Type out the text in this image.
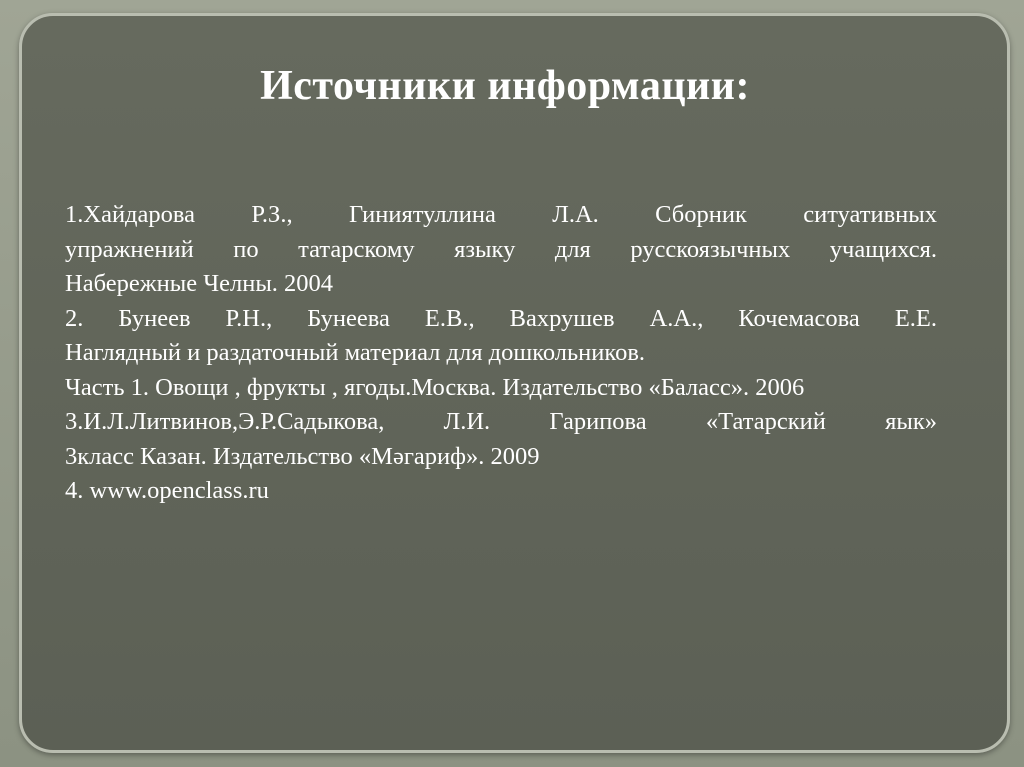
Источники информации:
1.Хайдарова Р.З., Гиниятуллина Л.А. Сборник ситуативных
упражнений по татарскому языку для русскоязычных учащихся.
Набережные Челны. 2004
2. Бунеев Р.Н., Бунеева Е.В., Вахрушев А.А., Кочемасова Е.Е.
Наглядный и раздаточный материал для дошкольников.
Часть 1. Овощи , фрукты , ягоды.Москва. Издательство «Баласс». 2006
3.И.Л.Литвинов,Э.Р.Садыкова, Л.И. Гарипова «Татарский яык»
3класс Казан. Издательство «Мәгариф». 2009
4. www.openclass.ru
